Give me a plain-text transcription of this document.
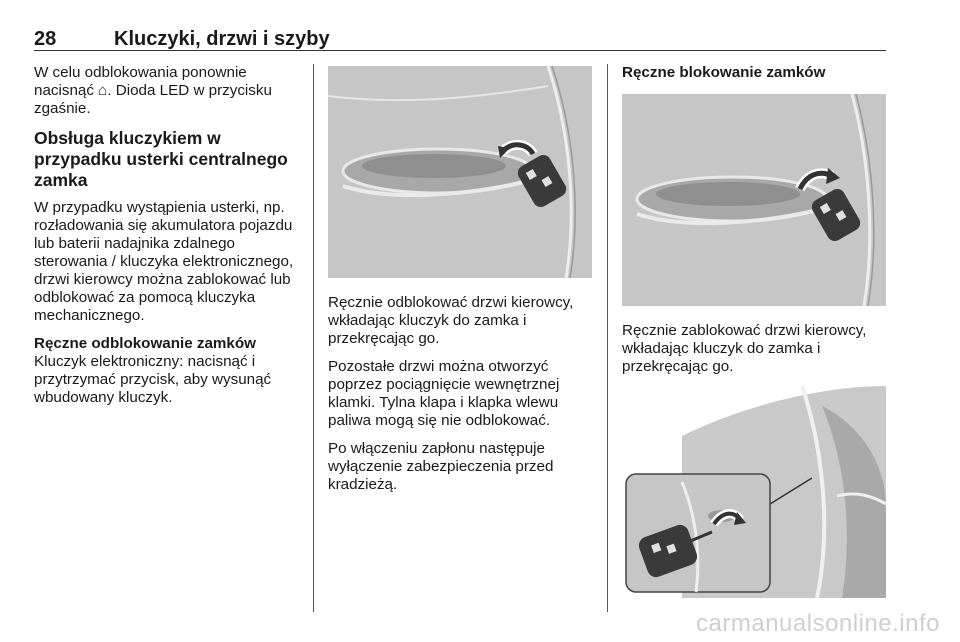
28	Kluczyki, drzwi i szyby

W celu odblokowania ponownie nacisnąć ⌂. Dioda LED w przycisku zgaśnie.

Obsługa kluczykiem w przypadku usterki centralnego zamka

W przypadku wystąpienia usterki, np. rozładowania się akumulatora pojazdu lub baterii nadajnika zdalnego sterowania / kluczyka elektronicznego, drzwi kierowcy można zablokować lub odblokować za pomocą kluczyka mechanicznego.

Ręczne odblokowanie zamków

Kluczyk elektroniczny: nacisnąć i przytrzymać przycisk, aby wysunąć wbudowany kluczyk.

Ręcznie odblokować drzwi kierowcy, wkładając kluczyk do zamka i przekręcając go.

Pozostałe drzwi można otworzyć poprzez pociągnięcie wewnętrznej klamki. Tylna klapa i klapka wlewu paliwa mogą się nie odblokować.

Po włączeniu zapłonu następuje wyłączenie zabezpieczenia przed kradzieżą.

Ręczne blokowanie zamków

Ręcznie zablokować drzwi kierowcy, wkładając kluczyk do zamka i przekręcając go.

carmanualsonline.info
